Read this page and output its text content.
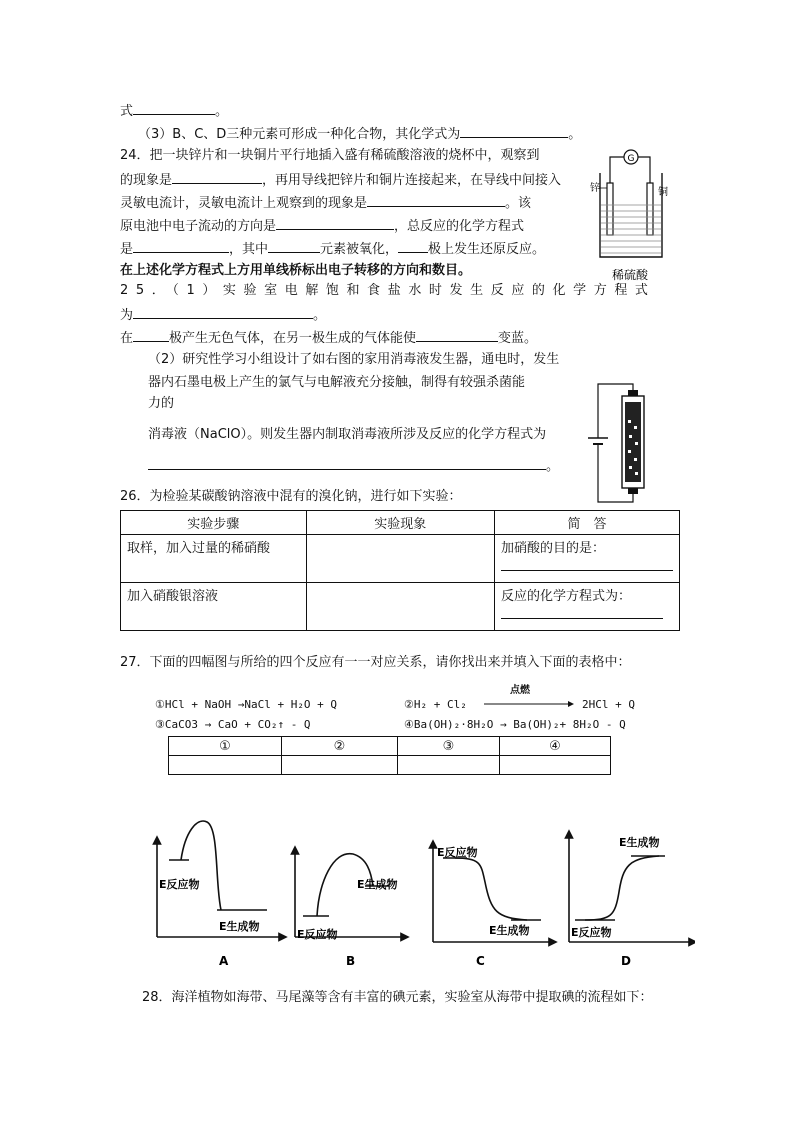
式	。
（3）B、C、D三种元素可形成一种化合物，其化学式为	。
24．把一块锌片和一块铜片平行地插入盛有稀硫酸溶液的烧杯中，观察到
的现象是	，再用导线把锌片和铜片连接起来，在导线中间接入
灵敏电流计，灵敏电流计上观察到的现象是	。该
原电池中电子流动的方向是	，总反应的化学方程式
是	，其中	元素被氧化， 极上发生还原反应。
在上述化学方程式上方用单线桥标出电子转移的方向和数目。
G
锌	铜
稀硫酸
25．（1）实验室电解饱和食盐水时发生反应的化学方程式
为	。
在	极产生无色气体，在另一极生成的气体能使	变蓝。
（2）研究性学习小组设计了如右图的家用消毒液发生器，通电时，发生
器内石墨电极上产生的氯气与电解液充分接触，制得有较强杀菌能
力的
消毒液（NaClO）。则发生器内制取消毒液所涉及反应的化学方程式为
。
26．为检验某碳酸钠溶液中混有的溴化钠，进行如下实验：
实验步骤	实验现象	简　答
取样，加入过量的稀硝酸		加硝酸的目的是：

加入硝酸银溶液		反应的化学方程式为：
27．下面的四幅图与所给的四个反应有一一对应关系，请你找出来并填入下面的表格中：
①HCl + NaOH →NaCl + H₂O + Q	②H₂ + Cl₂
点燃
2HCl + Q
③CaCO3 → CaO + CO₂↑ - Q	④Ba(OH)₂·8H₂O → Ba(OH)₂+ 8H₂O - Q
①	②	③	④

E反应物
E生成物
A
E反应物
E生成物
B
E反应物
E生成物
C
E反应物
E生成物
D
28．海洋植物如海带、马尾藻等含有丰富的碘元素，实验室从海带中提取碘的流程如下：
